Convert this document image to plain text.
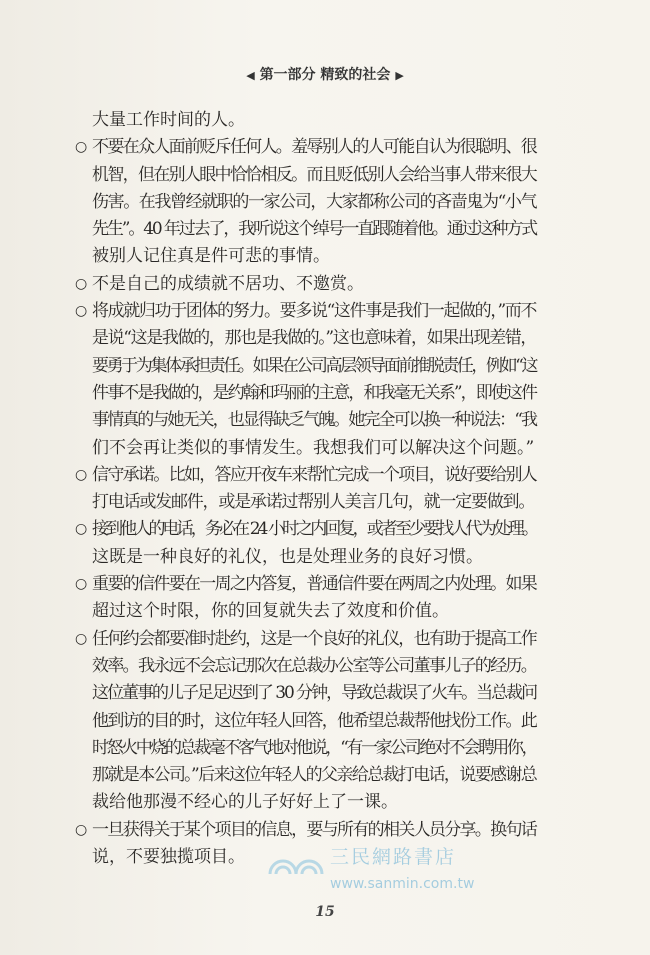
◀ 第一部分 精致的社会 ▶
大量工作时间的人。
○ 不要在众人面前贬斥任何人。羞辱别人的人可能自认为很聪明、很
机智，但在别人眼中恰恰相反。而且贬低别人会给当事人带来很大
伤害。在我曾经就职的一家公司，大家都称公司的吝啬鬼为“小气
先生”。40 年过去了，我听说这个绰号一直跟随着他。通过这种方式
被别人记住真是件可悲的事情。
○ 不是自己的成绩就不居功、不邀赏。
○ 将成就归功于团体的努力。要多说“这件事是我们一起做的，”而不
是说“这是我做的，那也是我做的。”这也意味着，如果出现差错，
要勇于为集体承担责任。如果在公司高层领导面前推脱责任，例如“这
件事不是我做的，是约翰和玛丽的主意，和我毫无关系”，即使这件
事情真的与她无关，也显得缺乏气魄。她完全可以换一种说法：“我
们不会再让类似的事情发生。我想我们可以解决这个问题。”
○ 信守承诺。比如，答应开夜车来帮忙完成一个项目，说好要给别人
打电话或发邮件，或是承诺过帮别人美言几句，就一定要做到。
○ 接到他人的电话，务必在 24 小时之内回复，或者至少要找人代为处理。
这既是一种良好的礼仪，也是处理业务的良好习惯。
○ 重要的信件要在一周之内答复，普通信件要在两周之内处理。如果
超过这个时限，你的回复就失去了效度和价值。
○ 任何约会都要准时赴约，这是一个良好的礼仪，也有助于提高工作
效率。我永远不会忘记那次在总裁办公室等公司董事儿子的经历。
这位董事的儿子足足迟到了 30 分钟，导致总裁误了火车。当总裁问
他到访的目的时，这位年轻人回答，他希望总裁帮他找份工作。此
时怒火中烧的总裁毫不客气地对他说，“有一家公司绝对不会聘用你，
那就是本公司。”后来这位年轻人的父亲给总裁打电话，说要感谢总
裁给他那漫不经心的儿子好好上了一课。
○ 一旦获得关于某个项目的信息，要与所有的相关人员分享。换句话
说，不要独揽项目。	三民網路書店
www.sanmin.com.tw
15
